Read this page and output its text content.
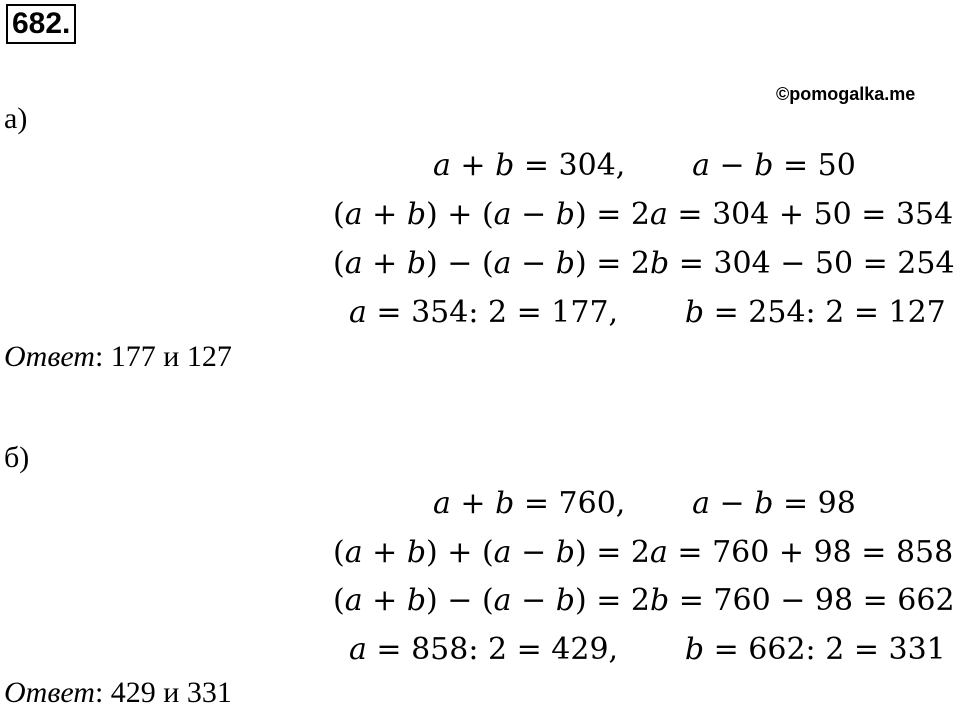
682.
©pomogalka.me
а)
a + b = 304,       a − b = 50
(a + b) + (a − b) = 2a = 304 + 50 = 354
(a + b) − (a − b) = 2b = 304 − 50 = 254
a = 354: 2 = 177,       b = 254: 2 = 127
Ответ: 177 и 127
б)
a + b = 760,       a − b = 98
(a + b) + (a − b) = 2a = 760 + 98 = 858
(a + b) − (a − b) = 2b = 760 − 98 = 662
a = 858: 2 = 429,       b = 662: 2 = 331
Ответ: 429 и 331
